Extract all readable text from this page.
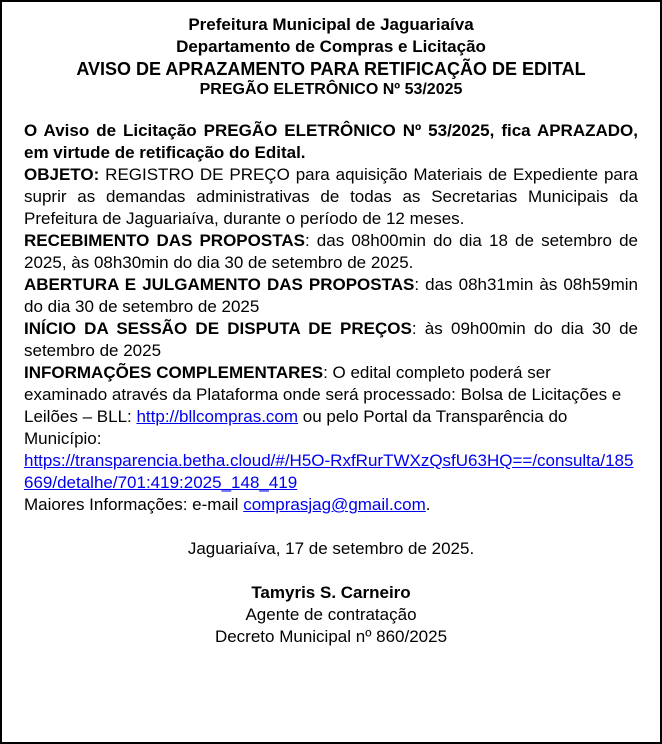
Prefeitura Municipal de Jaguariaíva
Departamento de Compras e Licitação
AVISO DE APRAZAMENTO PARA RETIFICAÇÃO DE EDITAL
PREGÃO ELETRÔNICO Nº 53/2025

O Aviso de Licitação PREGÃO ELETRÔNICO Nº 53/2025, fica APRAZADO, em virtude de retificação do Edital.

OBJETO: REGISTRO DE PREÇO para aquisição Materiais de Expediente para suprir as demandas administrativas de todas as Secretarias Municipais da Prefeitura de Jaguariaíva, durante o período de 12 meses.

RECEBIMENTO DAS PROPOSTAS: das 08h00min do dia 18 de setembro de 2025, às 08h30min do dia 30 de setembro de 2025.

ABERTURA E JULGAMENTO DAS PROPOSTAS: das 08h31min às 08h59min do dia 30 de setembro de 2025

INÍCIO DA SESSÃO DE DISPUTA DE PREÇOS: às 09h00min do dia 30 de setembro de 2025

INFORMAÇÕES COMPLEMENTARES: O edital completo poderá ser examinado através da Plataforma onde será processado: Bolsa de Licitações e Leilões – BLL: http://bllcompras.com ou pelo Portal da Transparência do Município:
https://transparencia.betha.cloud/#/H5O-RxfRurTWXzQsfU63HQ==/consulta/185669/detalhe/701:419:2025_148_419
Maiores Informações: e-mail comprasjag@gmail.com.

Jaguariaíva, 17 de setembro de 2025.
Tamyris S. Carneiro
Agente de contratação
Decreto Municipal nº 860/2025
